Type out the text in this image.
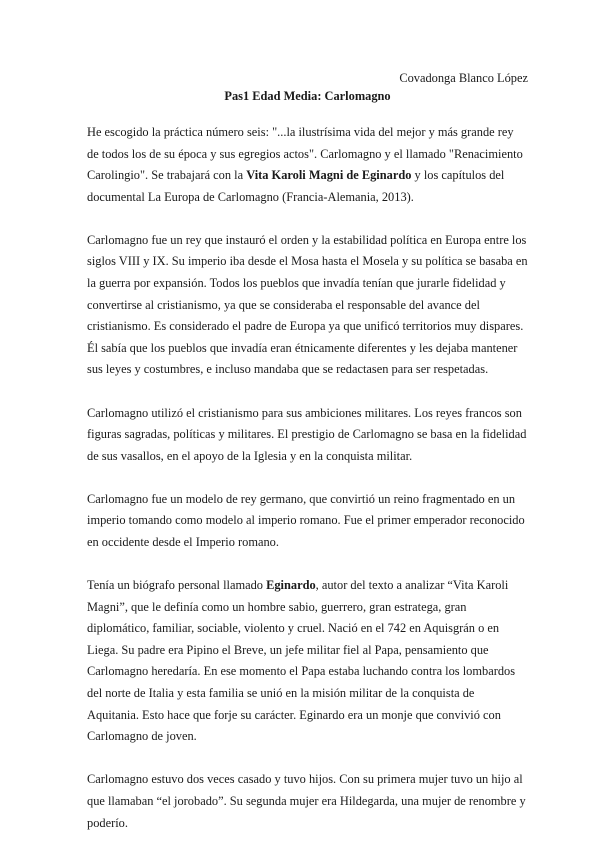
Covadonga Blanco López
Pas1 Edad Media: Carlomagno

He escogido la práctica número seis: "...la ilustrísima vida del mejor y más grande rey de todos los de su época y sus egregios actos". Carlomagno y el llamado "Renacimiento Carolingio". Se trabajará con la Vita Karoli Magni de Eginardo y los capítulos del documental La Europa de Carlomagno (Francia-Alemania, 2013).

Carlomagno fue un rey que instauró el orden y la estabilidad política en Europa entre los siglos VIII y IX. Su imperio iba desde el Mosa hasta el Mosela y su política se basaba en la guerra por expansión. Todos los pueblos que invadía tenían que jurarle fidelidad y convertirse al cristianismo, ya que se consideraba el responsable del avance del cristianismo. Es considerado el padre de Europa ya que unificó territorios muy dispares. Él sabía que los pueblos que invadía eran étnicamente diferentes y les dejaba mantener sus leyes y costumbres, e incluso mandaba que se redactasen para ser respetadas.

Carlomagno utilizó el cristianismo para sus ambiciones militares. Los reyes francos son figuras sagradas, políticas y militares. El prestigio de Carlomagno se basa en la fidelidad de sus vasallos, en el apoyo de la Iglesia y en la conquista militar.

Carlomagno fue un modelo de rey germano, que convirtió un reino fragmentado en un imperio tomando como modelo al imperio romano. Fue el primer emperador reconocido en occidente desde el Imperio romano.

Tenía un biógrafo personal llamado Eginardo, autor del texto a analizar “Vita Karoli Magni”, que le definía como un hombre sabio, guerrero, gran estratega, gran diplomático, familiar, sociable, violento y cruel. Nació en el 742 en Aquisgrán o en Liega. Su padre era Pipino el Breve, un jefe militar fiel al Papa, pensamiento que Carlomagno heredaría. En ese momento el Papa estaba luchando contra los lombardos del norte de Italia y esta familia se unió en la misión militar de la conquista de Aquitania. Esto hace que forje su carácter. Eginardo era un monje que convivió con Carlomagno de joven.

Carlomagno estuvo dos veces casado y tuvo hijos. Con su primera mujer tuvo un hijo al que llamaban “el jorobado”. Su segunda mujer era Hildegarda, una mujer de renombre y poderío.
